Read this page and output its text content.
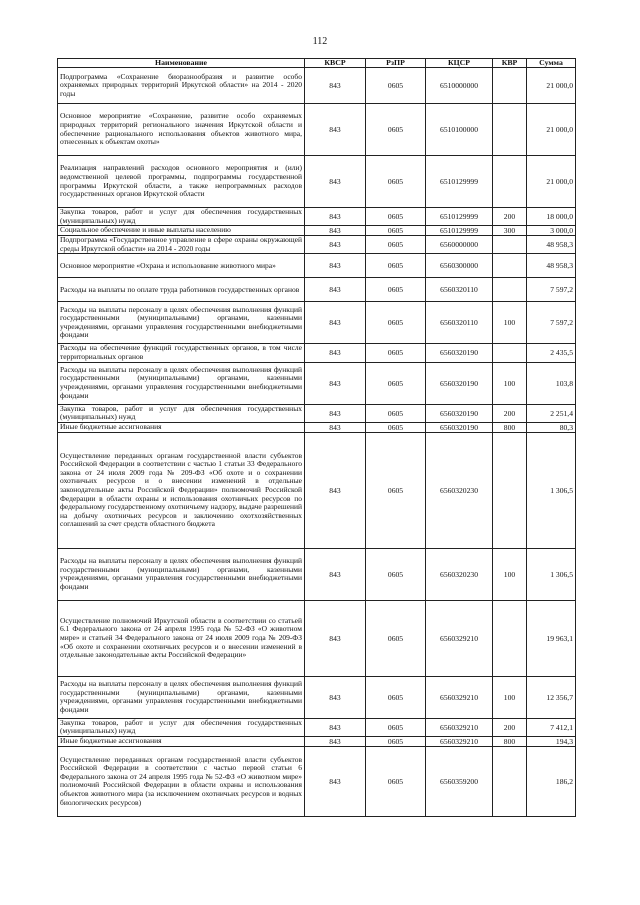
112
Наименование	КВСР	РзПР	КЦСР	КВР	Сумма
Подпрограмма «Сохранение биоразнообразия и развитие особо охраняемых природных территорий Иркутской области» на 2014 - 2020 годы	843	0605	6510000000		21 000,0
Основное мероприятие «Сохранение, развитие особо охраняемых природных территорий регионального значения Иркутской области и обеспечение рационального использования объектов животного мира, отнесенных к объектам охоты»	843	0605	6510100000		21 000,0
Реализация направлений расходов основного мероприятия и (или) ведомственной целевой программы, подпрограммы государственной программы Иркутской области, а также непрограммных расходов государственных органов Иркутской области	843	0605	6510129999		21 000,0
Закупка товаров, работ и услуг для обеспечения государственных (муниципальных) нужд	843	0605	6510129999	200	18 000,0
Социальное обеспечение и иные выплаты населению	843	0605	6510129999	300	3 000,0
Подпрограмма «Государственное управление в сфере охраны окружающей среды Иркутской области» на 2014 - 2020 годы	843	0605	6560000000		48 958,3
Основное мероприятие «Охрана и использование животного мира»	843	0605	6560300000		48 958,3
Расходы на выплаты по оплате труда работников государственных органов	843	0605	6560320110		7 597,2
Расходы на выплаты персоналу в целях обеспечения выполнения функций государственными (муниципальными) органами, казенными учреждениями, органами управления государственными внебюджетными фондами	843	0605	6560320110	100	7 597,2
Расходы на обеспечение функций государственных органов, в том числе территориальных органов	843	0605	6560320190		2 435,5
Расходы на выплаты персоналу в целях обеспечения выполнения функций государственными (муниципальными) органами, казенными учреждениями, органами управления государственными внебюджетными фондами	843	0605	6560320190	100	103,8
Закупка товаров, работ и услуг для обеспечения государственных (муниципальных) нужд	843	0605	6560320190	200	2 251,4
Иные бюджетные ассигнования	843	0605	6560320190	800	80,3
Осуществление переданных органам государственной власти субъектов Российской Федерации в соответствии с частью 1 статьи 33 Федерального закона от 24 июля 2009 года № 209-ФЗ «Об охоте и о сохранении охотничьих ресурсов и о внесении изменений в отдельные законодательные акты Российской Федерации» полномочий Российской Федерации в области охраны и использования охотничьих ресурсов по федеральному государственному охотничьему надзору, выдаче разрешений на добычу охотничьих ресурсов и заключению охотхозяйственных соглашений за счет средств областного бюджета	843	0605	6560320230		1 306,5
Расходы на выплаты персоналу в целях обеспечения выполнения функций государственными (муниципальными) органами, казенными учреждениями, органами управления государственными внебюджетными фондами	843	0605	6560320230	100	1 306,5
Осуществление полномочий Иркутской области в соответствии со статьей 6.1 Федерального закона от 24 апреля 1995 года № 52-ФЗ «О животном мире» и статьей 34 Федерального закона от 24 июля 2009 года № 209-ФЗ «Об охоте и сохранении охотничьих ресурсов и о внесении изменений в отдельные законодательные акты Российской Федерации»	843	0605	6560329210		19 963,1
Расходы на выплаты персоналу в целях обеспечения выполнения функций государственными (муниципальными) органами, казенными учреждениями, органами управления государственными внебюджетными фондами	843	0605	6560329210	100	12 356,7
Закупка товаров, работ и услуг для обеспечения государственных (муниципальных) нужд	843	0605	6560329210	200	7 412,1
Иные бюджетные ассигнования	843	0605	6560329210	800	194,3
Осуществление переданных органам государственной власти субъектов Российской Федерации в соответствии с частью первой статьи 6 Федерального закона от 24 апреля 1995 года № 52-ФЗ «О животном мире» полномочий Российской Федерации в области охраны и использования объектов животного мира (за исключением охотничьих ресурсов и водных биологических ресурсов)	843	0605	6560359200		186,2
